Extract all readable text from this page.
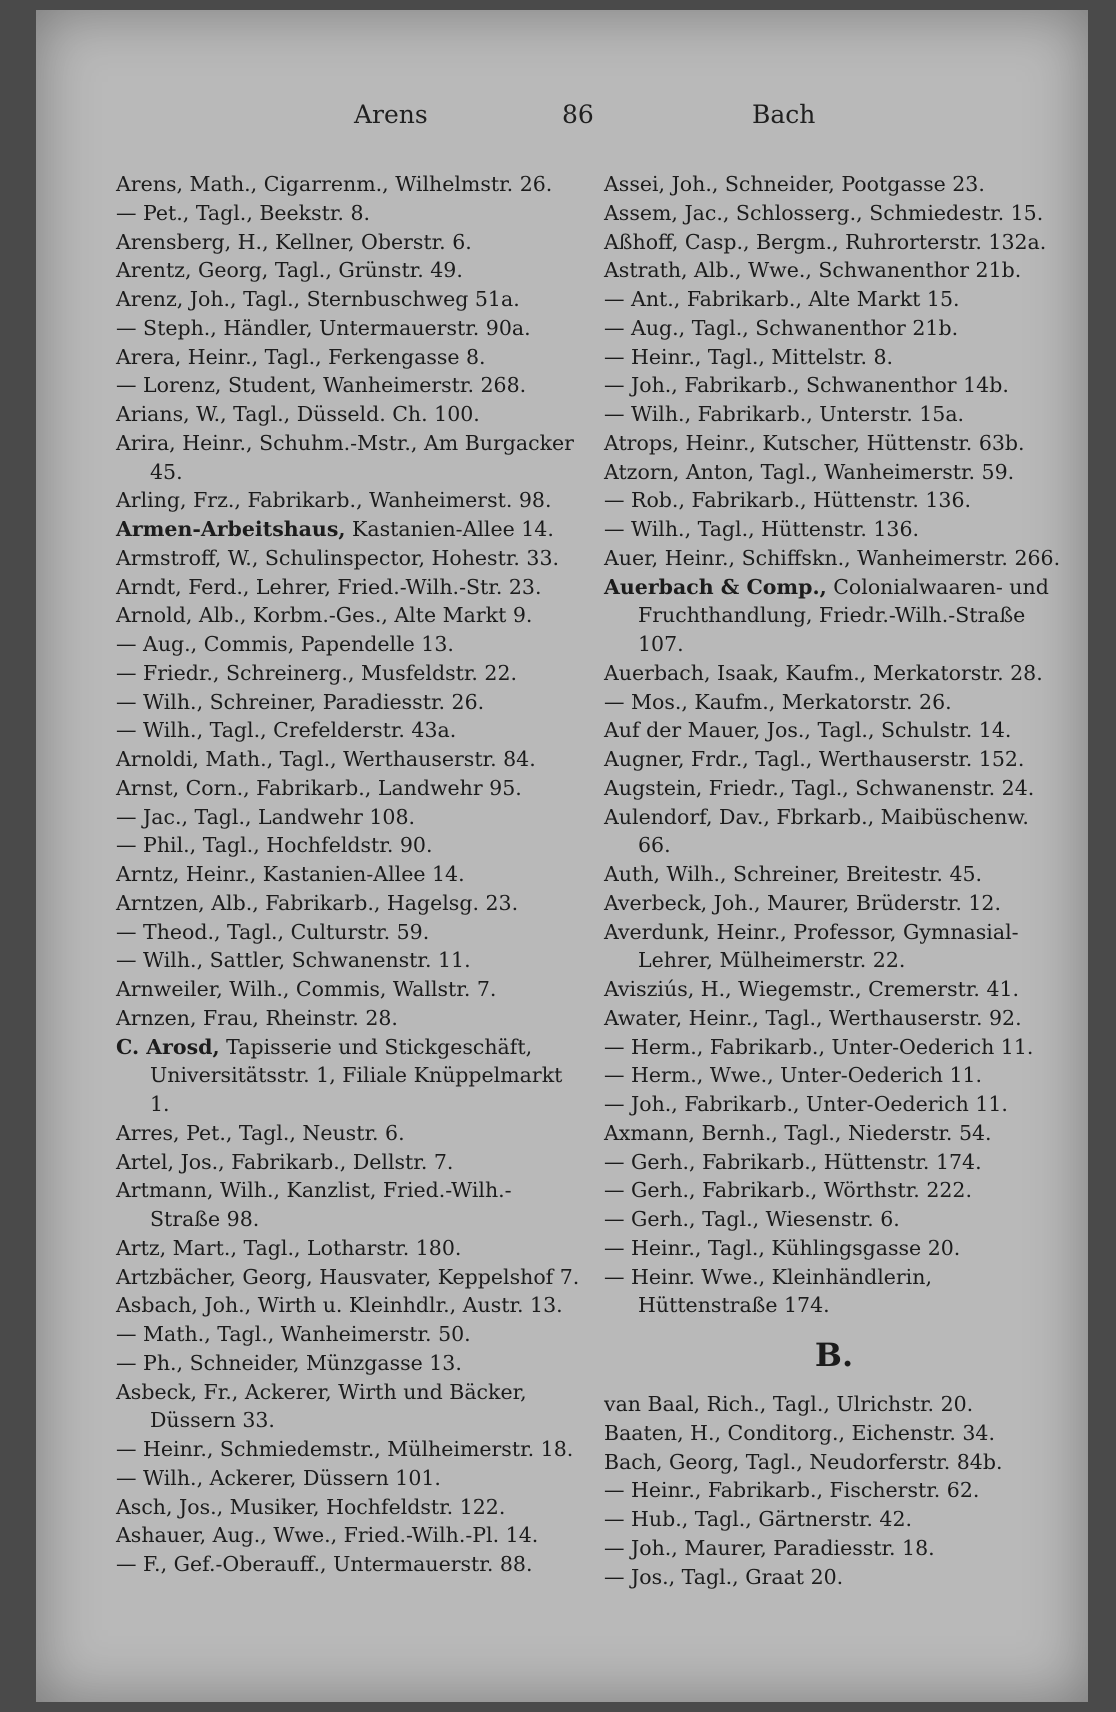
Arens	86	Bach
Arens, Math., Cigarrenm., Wilhelmstr. 26.
— Pet., Tagl., Beekstr. 8.
Arensberg, H., Kellner, Oberstr. 6.
Arentz, Georg, Tagl., Grünstr. 49.
Arenz, Joh., Tagl., Sternbuschweg 51a.
— Steph., Händler, Untermauerstr. 90a.
Arera, Heinr., Tagl., Ferkengasse 8.
— Lorenz, Student, Wanheimerstr. 268.
Arians, W., Tagl., Düsseld. Ch. 100.
Arira, Heinr., Schuhm.-Mstr., Am Burgacker 45.
Arling, Frz., Fabrikarb., Wanheimerst. 98.
Armen-Arbeitshaus, Kastanien-Allee 14.
Armstroff, W., Schulinspector, Hohestr. 33.
Arndt, Ferd., Lehrer, Fried.-Wilh.-Str. 23.
Arnold, Alb., Korbm.-Ges., Alte Markt 9.
— Aug., Commis, Papendelle 13.
— Friedr., Schreinerg., Musfeldstr. 22.
— Wilh., Schreiner, Paradiesstr. 26.
— Wilh., Tagl., Crefelderstr. 43a.
Arnoldi, Math., Tagl., Werthauserstr. 84.
Arnst, Corn., Fabrikarb., Landwehr 95.
— Jac., Tagl., Landwehr 108.
— Phil., Tagl., Hochfeldstr. 90.
Arntz, Heinr., Kastanien-Allee 14.
Arntzen, Alb., Fabrikarb., Hagelsg. 23.
— Theod., Tagl., Culturstr. 59.
— Wilh., Sattler, Schwanenstr. 11.
Arnweiler, Wilh., Commis, Wallstr. 7.
Arnzen, Frau, Rheinstr. 28.
C. Arosd, Tapisserie und Stickgeschäft, Universitätsstr. 1, Filiale Knüppelmarkt 1.
Arres, Pet., Tagl., Neustr. 6.
Artel, Jos., Fabrikarb., Dellstr. 7.
Artmann, Wilh., Kanzlist, Fried.-Wilh.-Straße 98.
Artz, Mart., Tagl., Lotharstr. 180.
Artzbächer, Georg, Hausvater, Keppelshof 7.
Asbach, Joh., Wirth u. Kleinhdlr., Austr. 13.
— Math., Tagl., Wanheimerstr. 50.
— Ph., Schneider, Münzgasse 13.
Asbeck, Fr., Ackerer, Wirth und Bäcker, Düssern 33.
— Heinr., Schmiedemstr., Mülheimerstr. 18.
— Wilh., Ackerer, Düssern 101.
Asch, Jos., Musiker, Hochfeldstr. 122.
Ashauer, Aug., Wwe., Fried.-Wilh.-Pl. 14.
— F., Gef.-Oberauff., Untermauerstr. 88.
Assei, Joh., Schneider, Pootgasse 23.
Assem, Jac., Schlosserg., Schmiedestr. 15.
Aßhoff, Casp., Bergm., Ruhrorterstr. 132a.
Astrath, Alb., Wwe., Schwanenthor 21b.
— Ant., Fabrikarb., Alte Markt 15.
— Aug., Tagl., Schwanenthor 21b.
— Heinr., Tagl., Mittelstr. 8.
— Joh., Fabrikarb., Schwanenthor 14b.
— Wilh., Fabrikarb., Unterstr. 15a.
Atrops, Heinr., Kutscher, Hüttenstr. 63b.
Atzorn, Anton, Tagl., Wanheimerstr. 59.
— Rob., Fabrikarb., Hüttenstr. 136.
— Wilh., Tagl., Hüttenstr. 136.
Auer, Heinr., Schiffskn., Wanheimerstr. 266.
Auerbach & Comp., Colonialwaaren- und Fruchthandlung, Friedr.-Wilh.-Straße 107.
Auerbach, Isaak, Kaufm., Merkatorstr. 28.
— Mos., Kaufm., Merkatorstr. 26.
Auf der Mauer, Jos., Tagl., Schulstr. 14.
Augner, Frdr., Tagl., Werthauserstr. 152.
Augstein, Friedr., Tagl., Schwanenstr. 24.
Aulendorf, Dav., Fbrkarb., Maibüschenw. 66.
Auth, Wilh., Schreiner, Breitestr. 45.
Averbeck, Joh., Maurer, Brüderstr. 12.
Averdunk, Heinr., Professor, Gymnasial-Lehrer, Mülheimerstr. 22.
Avisziús, H., Wiegemstr., Cremerstr. 41.
Awater, Heinr., Tagl., Werthauserstr. 92.
— Herm., Fabrikarb., Unter-Oederich 11.
— Herm., Wwe., Unter-Oederich 11.
— Joh., Fabrikarb., Unter-Oederich 11.
Axmann, Bernh., Tagl., Niederstr. 54.
— Gerh., Fabrikarb., Hüttenstr. 174.
— Gerh., Fabrikarb., Wörthstr. 222.
— Gerh., Tagl., Wiesenstr. 6.
— Heinr., Tagl., Kühlingsgasse 20.
— Heinr. Wwe., Kleinhändlerin, Hüttenstraße 174.
B.
van Baal, Rich., Tagl., Ulrichstr. 20.
Baaten, H., Conditorg., Eichenstr. 34.
Bach, Georg, Tagl., Neudorferstr. 84b.
— Heinr., Fabrikarb., Fischerstr. 62.
— Hub., Tagl., Gärtnerstr. 42.
— Joh., Maurer, Paradiesstr. 18.
— Jos., Tagl., Graat 20.
